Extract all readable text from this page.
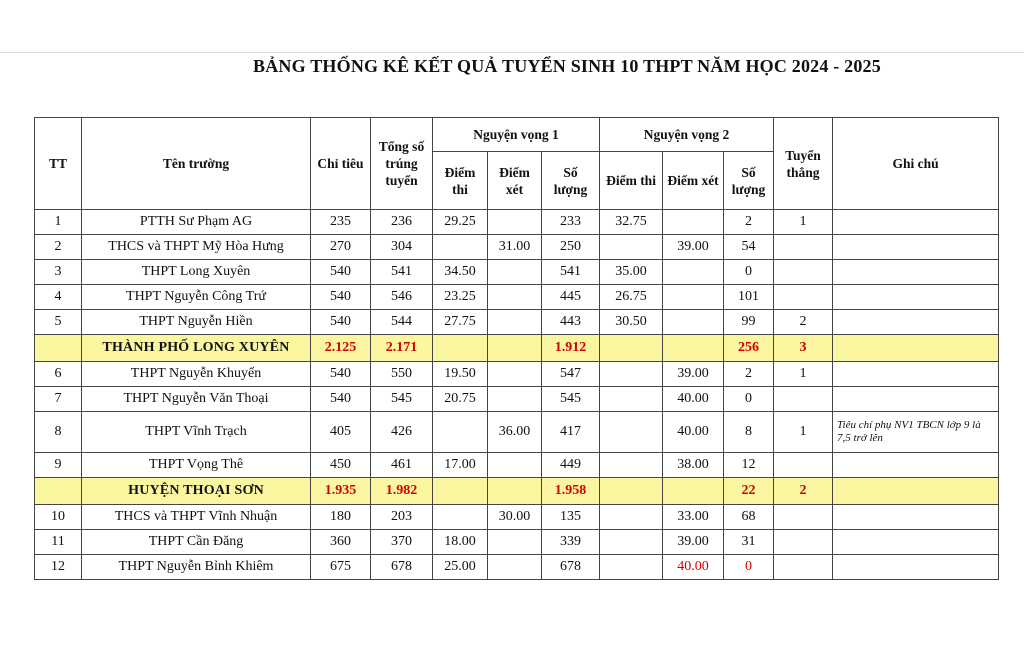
BẢNG THỐNG KÊ KẾT QUẢ TUYỂN SINH 10 THPT NĂM HỌC 2024 - 2025
TT	Tên trường	Chỉ tiêu	Tổng số trúng tuyển	Nguyện vọng 1			Nguyện vọng 2			Tuyển thẳng	Ghi chú
				Điểm thi	Điểm xét	Số lượng	Điểm thi	Điểm xét	Số lượng		
1	PTTH Sư Phạm AG	235	236	29.25		233	32.75		2	1	
2	THCS và THPT Mỹ Hòa Hưng	270	304		31.00	250		39.00	54		
3	THPT Long Xuyên	540	541	34.50		541	35.00		0		
4	THPT Nguyễn Công Trứ	540	546	23.25		445	26.75		101		
5	THPT Nguyễn Hiền	540	544	27.75		443	30.50		99	2	
	THÀNH PHỐ LONG XUYÊN	2.125	2.171			1.912			256	3	
6	THPT Nguyễn Khuyến	540	550	19.50		547		39.00	2	1	
7	THPT Nguyễn Văn Thoại	540	545	20.75		545		40.00	0		
8	THPT Vĩnh Trạch	405	426		36.00	417		40.00	8	1	Tiêu chí phụ NV1 TBCN lớp 9 là 7,5 trở lên
9	THPT Vọng Thê	450	461	17.00		449		38.00	12		
	HUYỆN THOẠI SƠN	1.935	1.982			1.958			22	2	
10	THCS và THPT Vĩnh Nhuận	180	203		30.00	135		33.00	68		
11	THPT Cần Đăng	360	370	18.00		339		39.00	31		
12	THPT Nguyễn Bỉnh Khiêm	675	678	25.00		678		40.00	0		
